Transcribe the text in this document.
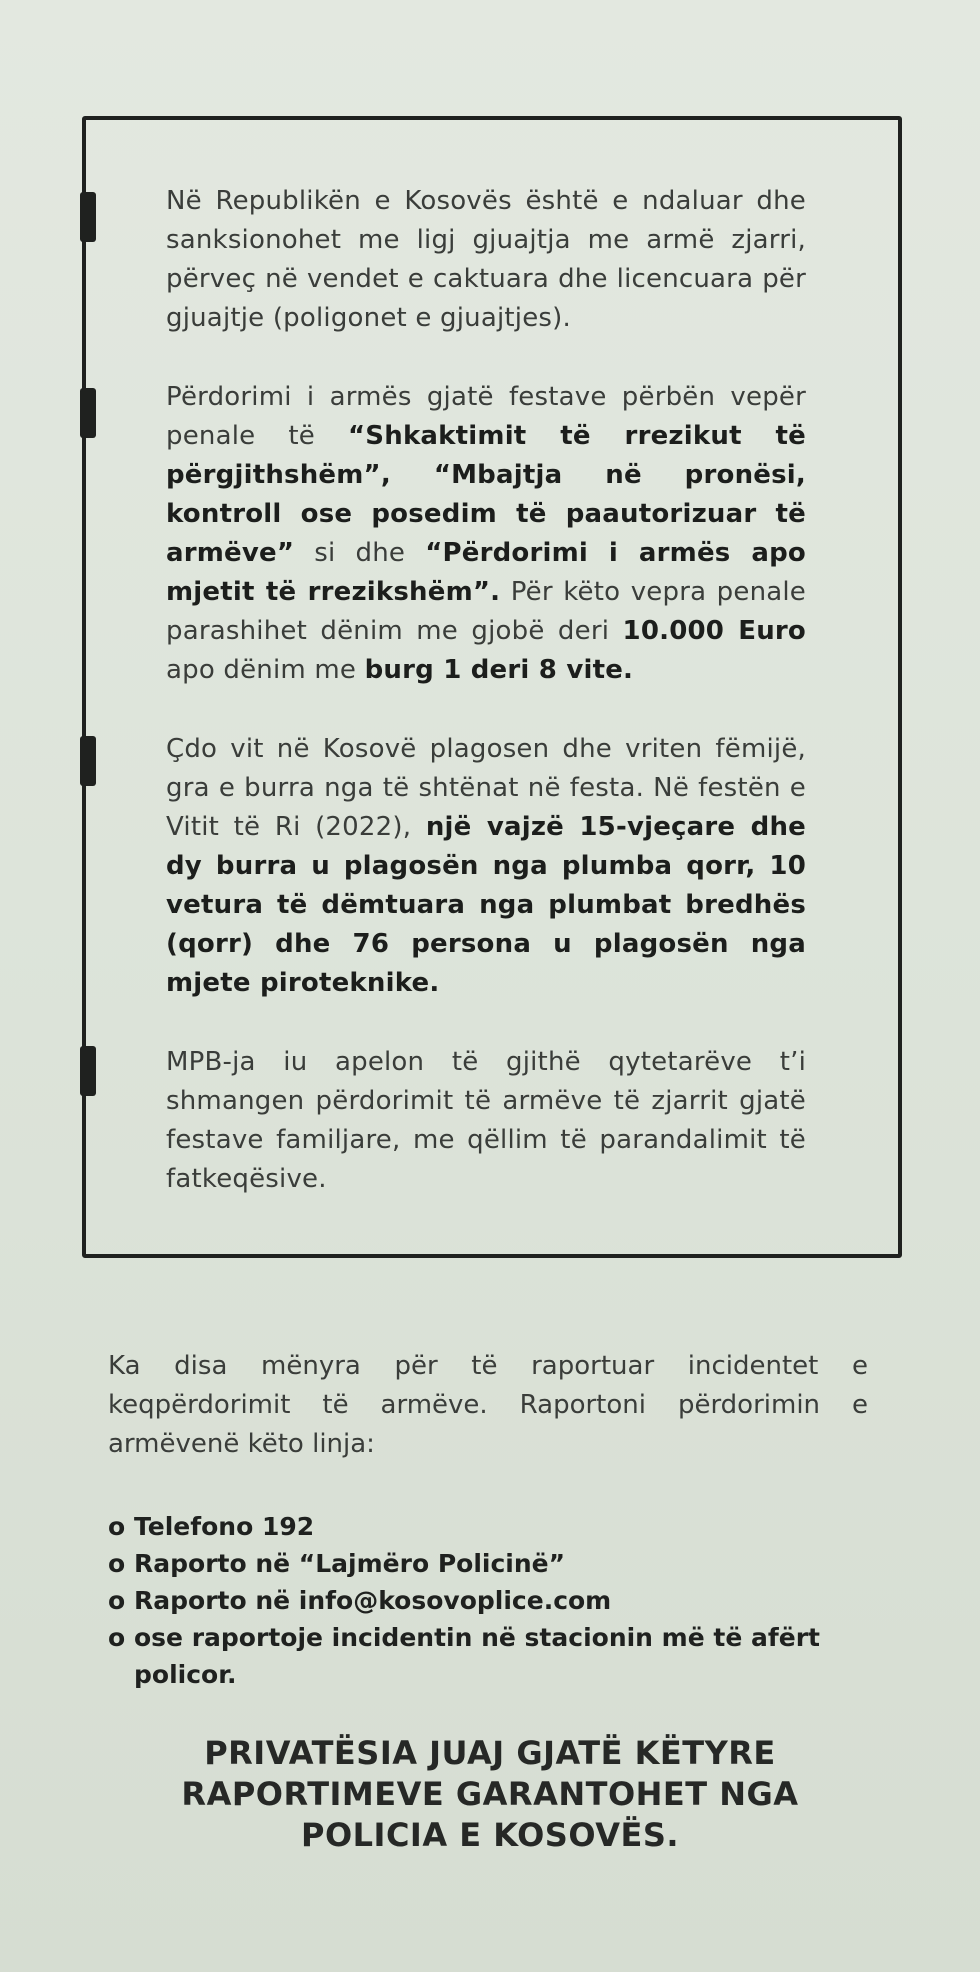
Në Republikën e Kosovës është e ndaluar dhe sanksionohet me ligj gjuajtja me armë zjarri, përveç në vendet e caktuara dhe licencuara për gjuajtje (poligonet e gjuajtjes).

Përdorimi i armës gjatë festave përbën vepër penale të “Shkaktimit të rrezikut të përgjithshëm”, “Mbajtja në pronësi, kontroll ose posedim të paautorizuar të armëve” si dhe “Përdorimi i armës apo mjetit të rrezikshëm”. Për këto vepra penale parashihet dënim me gjobë deri 10.000 Euro apo dënim me burg 1 deri 8 vite.

Çdo vit në Kosovë plagosen dhe vriten fëmijë, gra e burra nga të shtënat në festa. Në festën e Vitit të Ri (2022), një vajzë 15-vjeçare dhe dy burra u plagosën nga plumba qorr, 10 vetura të dëmtuara nga plumbat bredhës (qorr) dhe 76 persona u plagosën nga mjete piroteknike.

MPB-ja iu apelon të gjithë qytetarëve t’i shmangen përdorimit të armëve të zjarrit gjatë festave familjare, me qëllim të parandalimit të fatkeqësive.

Ka disa mënyra për të raportuar incidentet e keqpërdorimit të armëve. Raportoni përdorimin e armëvenë këto linja:

o Telefono 192
o Raporto në “Lajmëro Policinë”
o Raporto në info@kosovoplice.com
o ose raportoje incidentin në stacionin më të afërt policor.
PRIVATËSIA JUAJ GJATË KËTYRE
RAPORTIMEVE GARANTOHET NGA
POLICIA E KOSOVËS.
